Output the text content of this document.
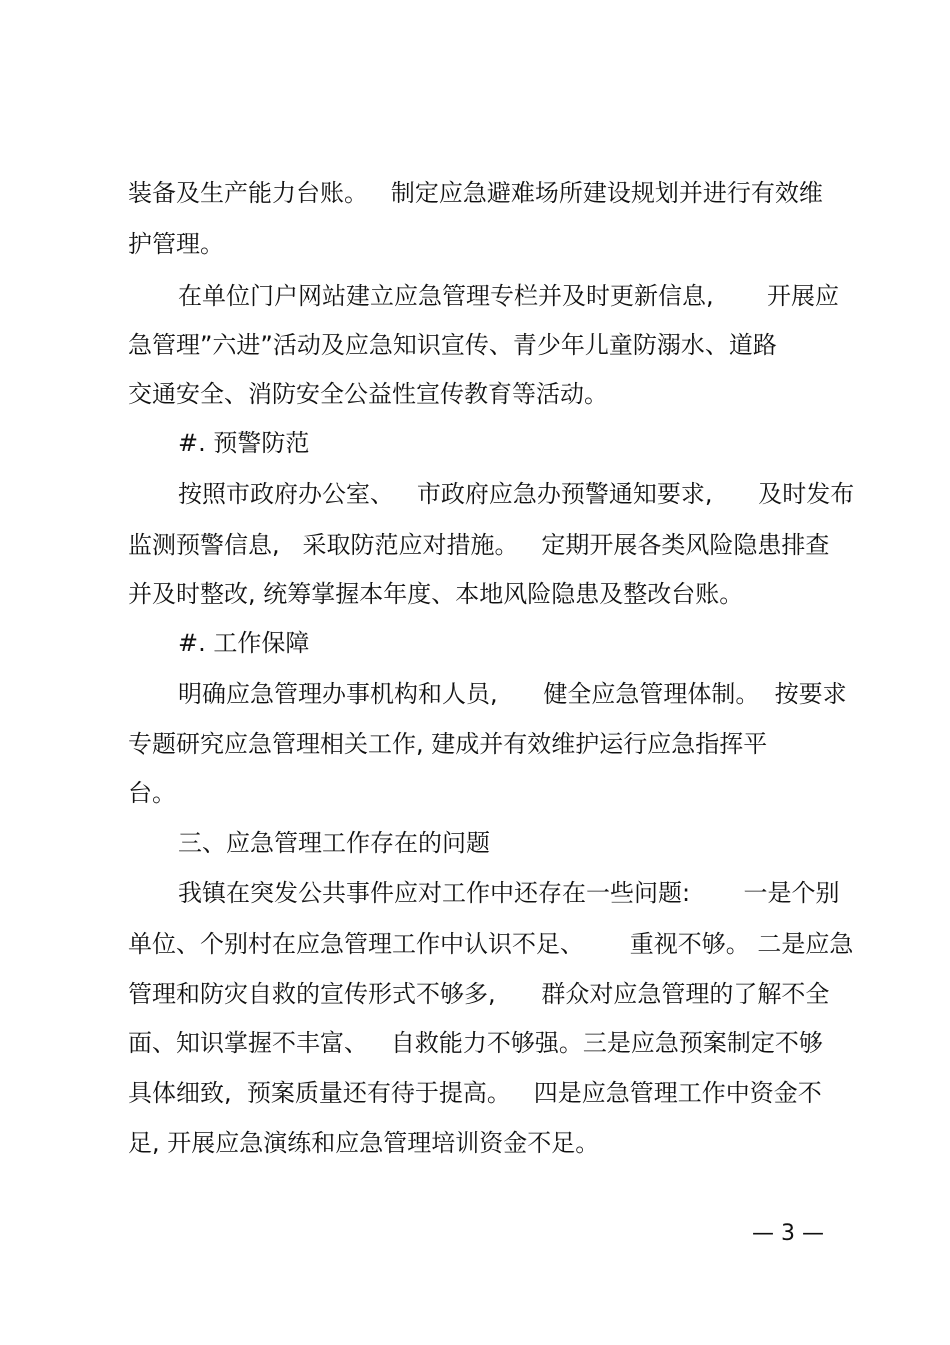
装备及生产能力台账。   制定应急避难场所建设规划并进行有效维
护管理。
在单位门户网站建立应急管理专栏并及时更新信息,       开展应
急管理”六进”活动及应急知识宣传、青少年儿童防溺水、道路
交通安全、消防安全公益性宣传教育等活动。
#. 预警防范
按照市政府办公室、   市政府应急办预警通知要求,      及时发布
监测预警信息,   采取防范应对措施。   定期开展各类风险隐患排查
并及时整改, 统筹掌握本年度、本地风险隐患及整改台账。
#. 工作保障
明确应急管理办事机构和人员,      健全应急管理体制。  按要求
专题研究应急管理相关工作, 建成并有效维护运行应急指挥平
台。
三、应急管理工作存在的问题
我镇在突发公共事件应对工作中还存在一些问题:       一是个别
单位、个别村在应急管理工作中认识不足、      重视不够。 二是应急
管理和防灾自救的宣传形式不够多,      群众对应急管理的了解不全
面、知识掌握不丰富、   自救能力不够强。三是应急预案制定不够
具体细致,  预案质量还有待于提高。   四是应急管理工作中资金不
足, 开展应急演练和应急管理培训资金不足。
— 3 —
